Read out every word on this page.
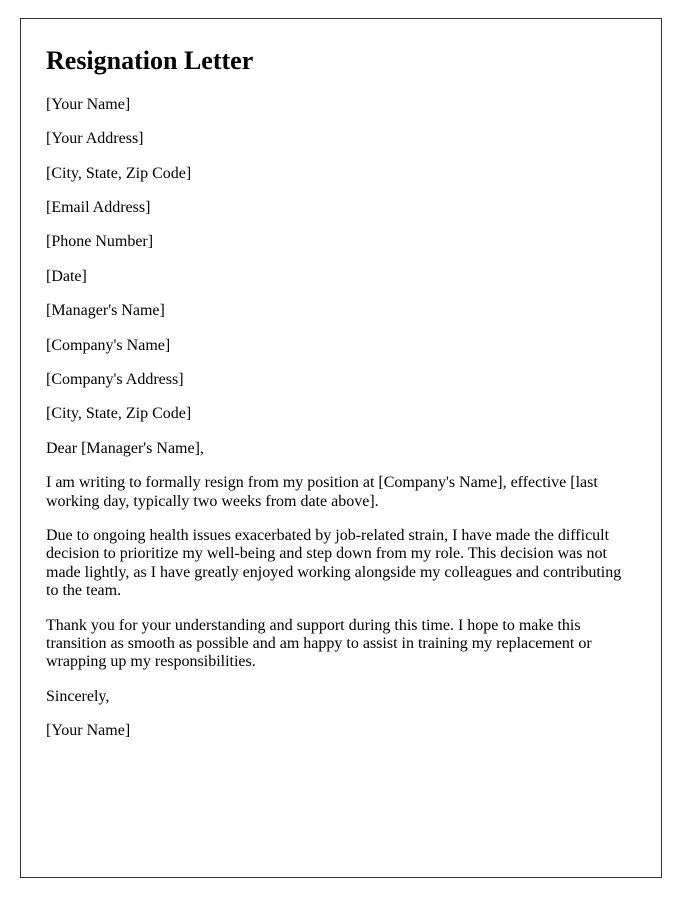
Resignation Letter

[Your Name]

[Your Address]

[City, State, Zip Code]

[Email Address]

[Phone Number]

[Date]

[Manager's Name]

[Company's Name]

[Company's Address]

[City, State, Zip Code]

Dear [Manager's Name],

I am writing to formally resign from my position at [Company's Name], effective [last working day, typically two weeks from date above].

Due to ongoing health issues exacerbated by job-related strain, I have made the difficult decision to prioritize my well-being and step down from my role. This decision was not made lightly, as I have greatly enjoyed working alongside my colleagues and contributing to the team.

Thank you for your understanding and support during this time. I hope to make this transition as smooth as possible and am happy to assist in training my replacement or wrapping up my responsibilities.

Sincerely,

[Your Name]
